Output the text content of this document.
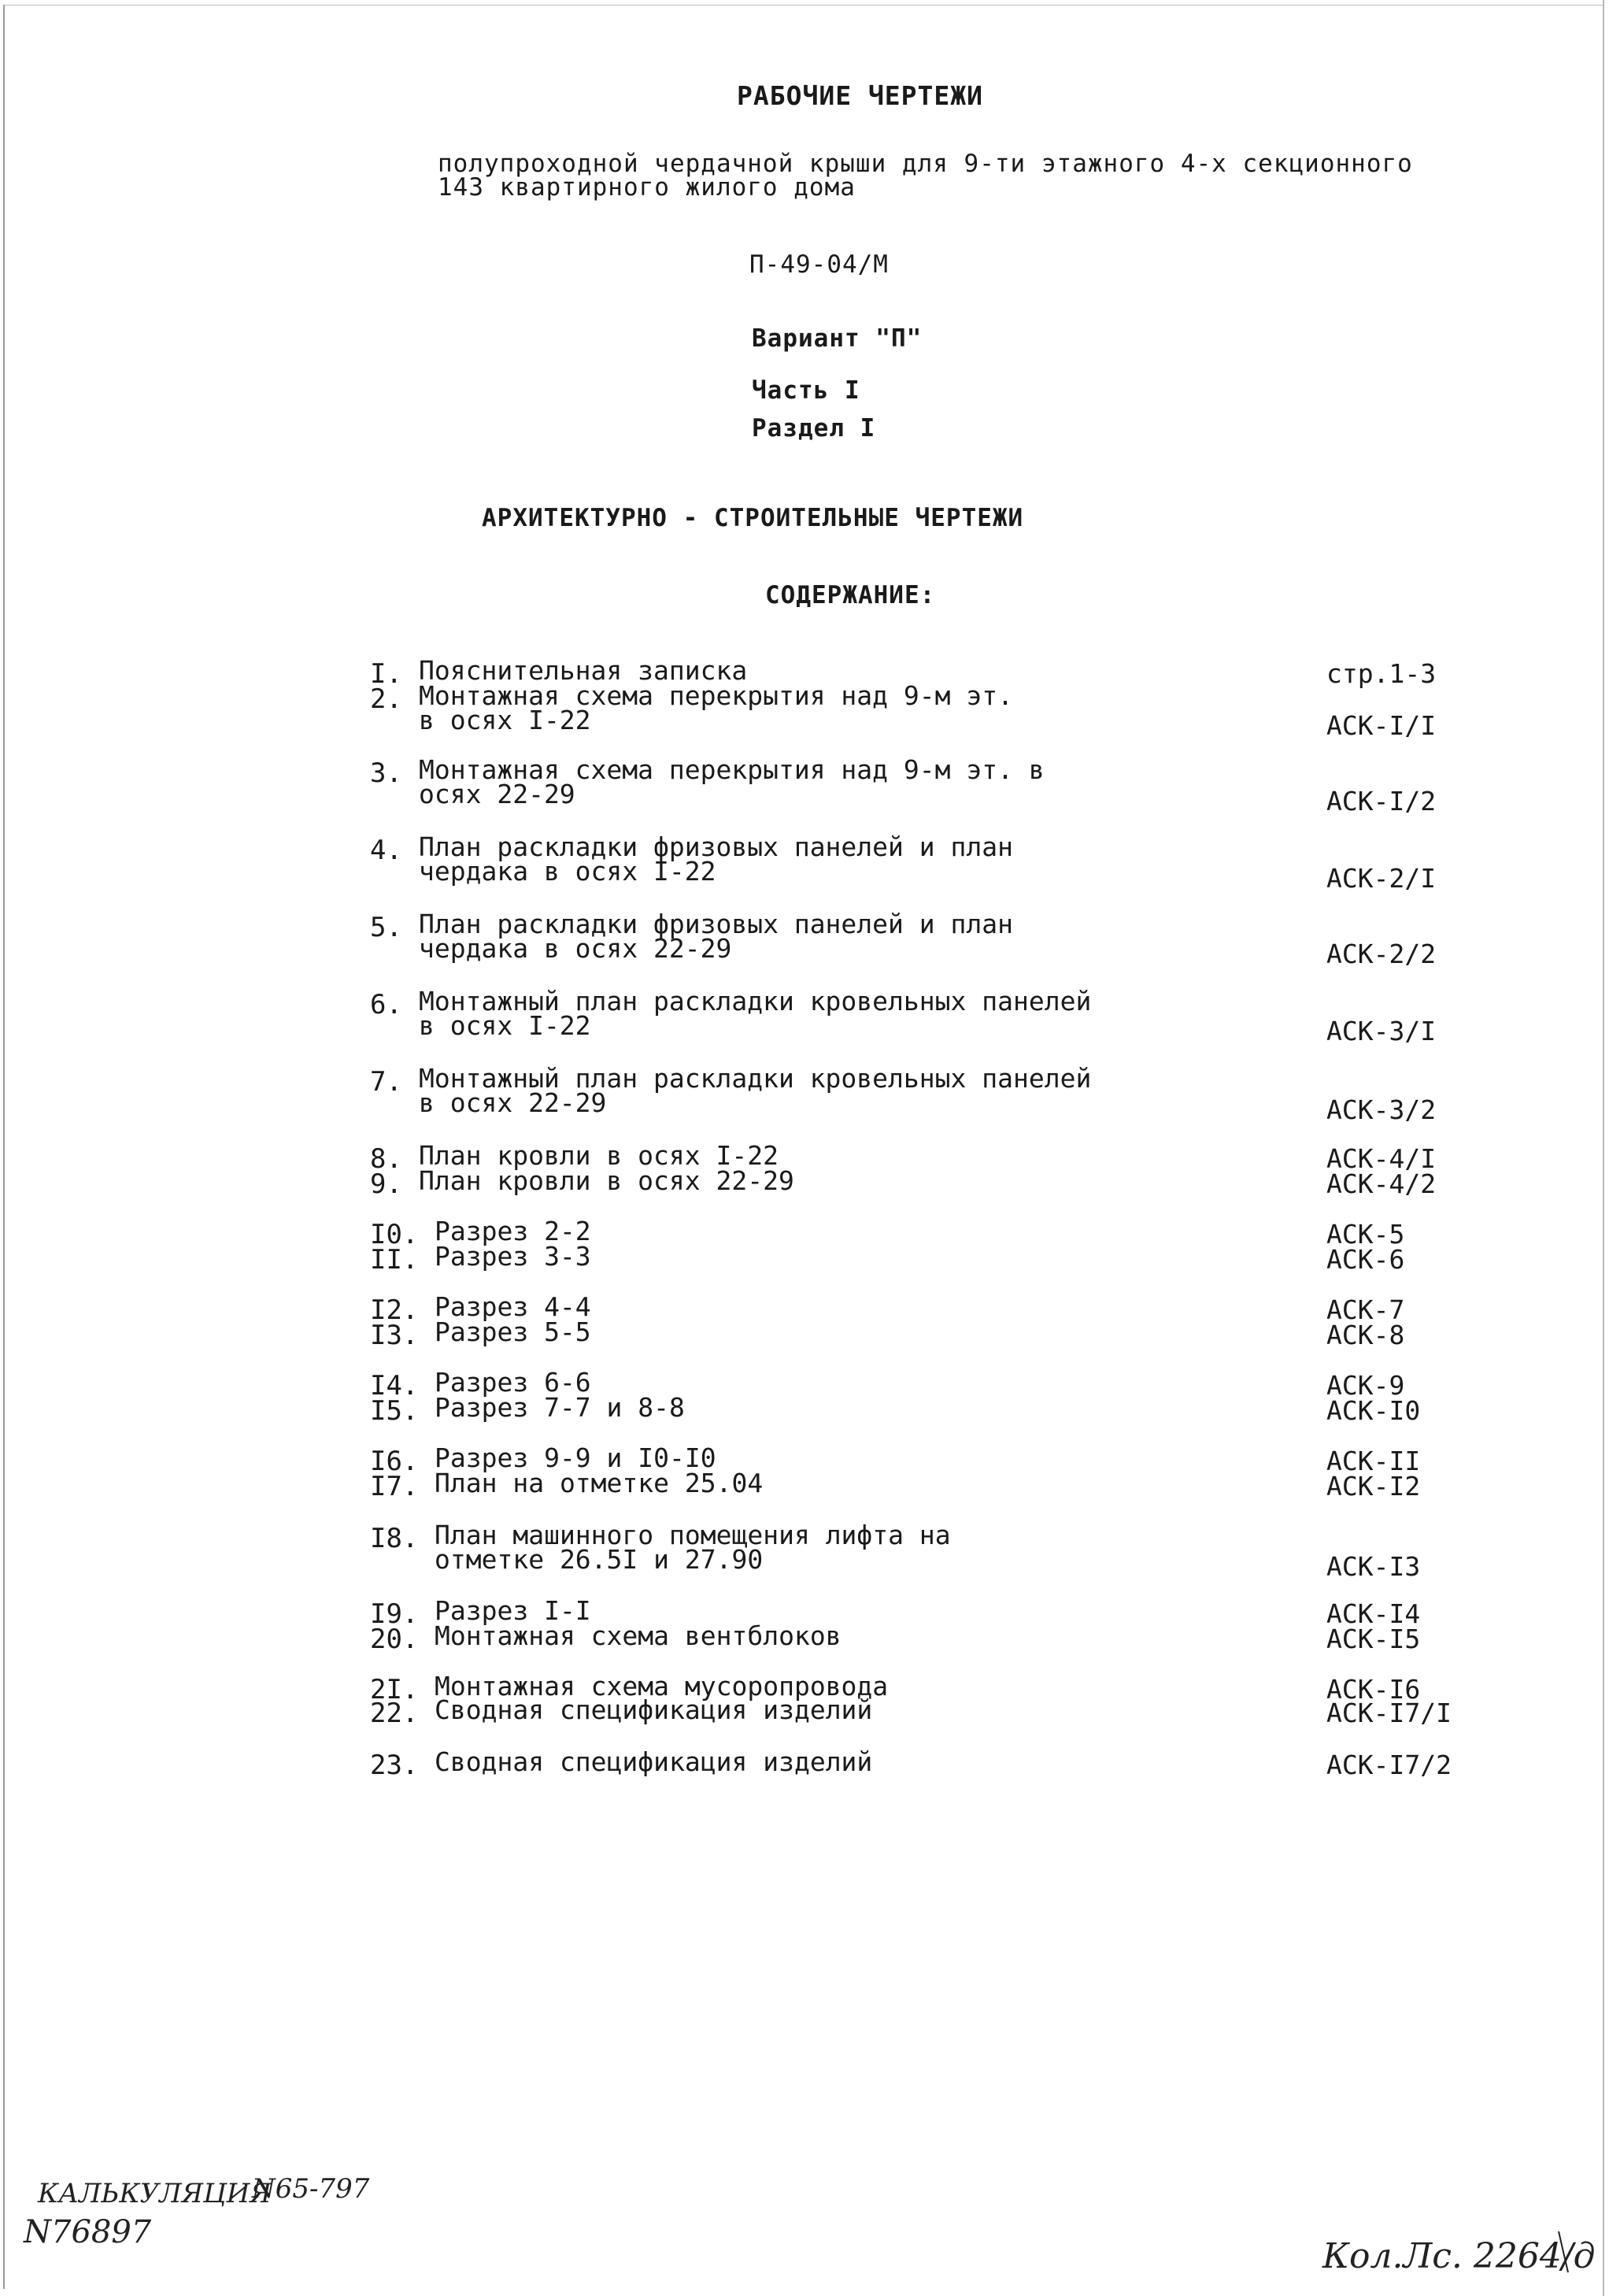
РАБОЧИЕ ЧЕРТЕЖИ
полупроходной чердачной крыши для 9-ти этажного 4-х секционного
143 квартирного жилого дома
П-49-04/М
Вариант "П"
Часть I
Раздел I
АРХИТЕКТУРНО - СТРОИТЕЛЬНЫЕ ЧЕРТЕЖИ
СОДЕРЖАНИЕ:
I. Пояснительная записка	стр.1-3
2. Монтажная схема перекрытия над 9-м эт.
в осях I-22	АСК-I/I
3. Монтажная схема перекрытия над 9-м эт. в
осях 22-29	АСК-I/2
4. План раскладки фризовых панелей и план
чердака в осях I-22	АСК-2/I
5. План раскладки фризовых панелей и план
чердака в осях 22-29	АСК-2/2
6. Монтажный план раскладки кровельных панелей
в осях I-22	АСК-3/I
7. Монтажный план раскладки кровельных панелей
в осях 22-29	АСК-3/2
8. План кровли в осях I-22	АСК-4/I
9. План кровли в осях 22-29	АСК-4/2
I0. Разрез 2-2	АСК-5
II. Разрез 3-3	АСК-6
I2. Разрез 4-4	АСК-7
I3. Разрез 5-5	АСК-8
I4. Разрез 6-6	АСК-9
I5. Разрез 7-7 и 8-8	АСК-I0
I6. Разрез 9-9 и I0-I0	АСК-II
I7. План на отметке 25.04	АСК-I2
I8. План машинного помещения лифта на
отметке 26.5I и 27.90	АСК-I3
I9. Разрез I-I	АСК-I4
20. Монтажная схема вентблоков	АСК-I5
2I. Монтажная схема мусоропровода	АСК-I6
22. Сводная спецификация изделий	АСК-I7/I
23. Сводная спецификация изделий	АСК-I7/2
КАЛЬКУЛЯЦИЯ
N65-797
N76897
Кол.Лс. 2264/д
